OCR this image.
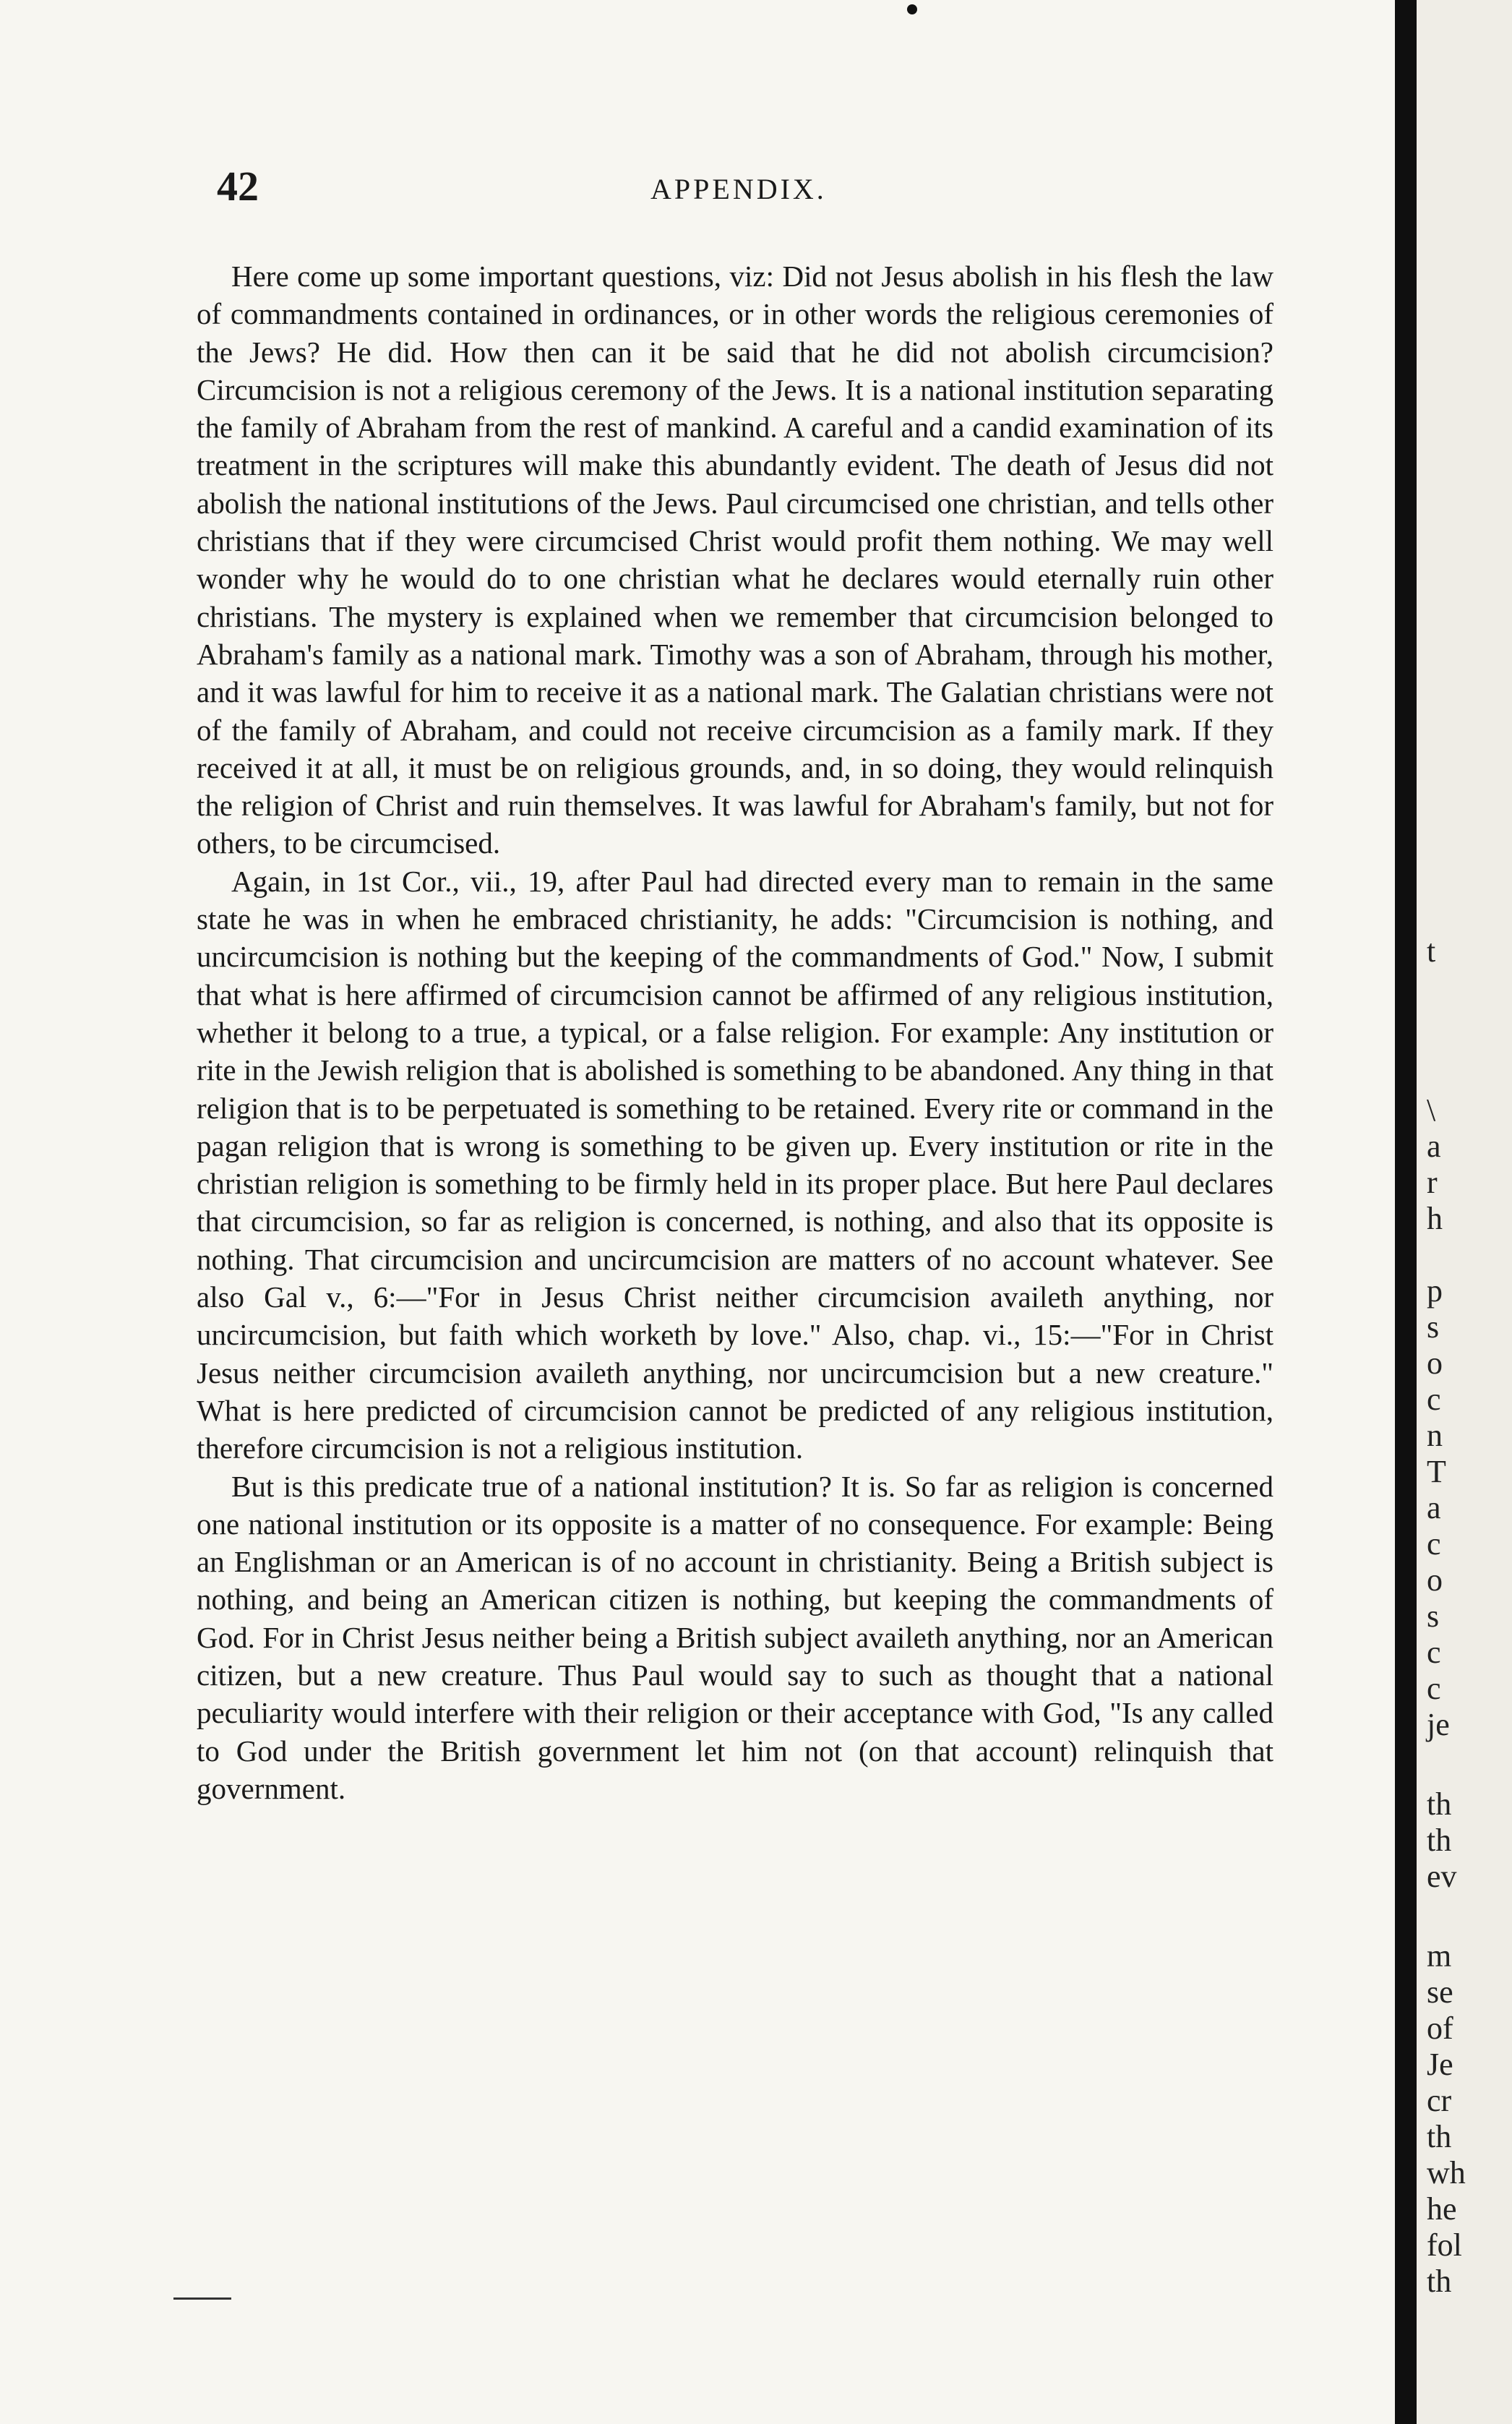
42	APPENDIX.

Here come up some important questions, viz: Did not Jesus abolish in his flesh the law of commandments contained in ordinances, or in other words the religious ceremonies of the Jews? He did. How then can it be said that he did not abolish circumcision? Circumcision is not a religious ceremony of the Jews. It is a national institution separating the family of Abraham from the rest of mankind. A careful and a candid examination of its treatment in the scriptures will make this abundantly evident. The death of Jesus did not abolish the national institutions of the Jews. Paul circumcised one christian, and tells other christians that if they were circumcised Christ would profit them nothing. We may well wonder why he would do to one christian what he declares would eternally ruin other christians. The mystery is explained when we remember that circumcision belonged to Abraham's family as a national mark. Timothy was a son of Abraham, through his mother, and it was lawful for him to receive it as a national mark. The Galatian christians were not of the family of Abraham, and could not receive circumcision as a family mark. If they received it at all, it must be on religious grounds, and, in so doing, they would relinquish the religion of Christ and ruin themselves. It was lawful for Abraham's family, but not for others, to be circumcised.

Again, in 1st Cor., vii., 19, after Paul had directed every man to remain in the same state he was in when he embraced christianity, he adds: "Circumcision is nothing, and uncircumcision is nothing but the keeping of the commandments of God." Now, I submit that what is here affirmed of circumcision cannot be affirmed of any religious institution, whether it belong to a true, a typical, or a false religion. For example: Any institution or rite in the Jewish religion that is abolished is something to be abandoned. Any thing in that religion that is to be perpetuated is something to be retained. Every rite or command in the pagan religion that is wrong is something to be given up. Every institution or rite in the christian religion is something to be firmly held in its proper place. But here Paul declares that circumcision, so far as religion is concerned, is nothing, and also that its opposite is nothing. That circumcision and uncircumcision are matters of no account whatever. See also Gal v., 6:—"For in Jesus Christ neither circumcision availeth anything, nor uncircumcision, but faith which worketh by love." Also, chap. vi., 15:—"For in Christ Jesus neither circumcision availeth anything, nor uncircumcision but a new creature." What is here predicted of circumcision cannot be predicted of any religious institution, therefore circumcision is not a religious institution.

But is this predicate true of a national institution? It is. So far as religion is concerned one national institution or its opposite is a matter of no consequence. For example: Being an Englishman or an American is of no account in christianity. Being a British subject is nothing, and being an American citizen is nothing, but keeping the commandments of God. For in Christ Jesus neither being a British subject availeth anything, nor an American citizen, but a new creature. Thus Paul would say to such as thought that a national peculiarity would interfere with their religion or their acceptance with God, "Is any called to God under the British government let him not (on that account) relinquish that government.

t
\
a
r
h
p
s
o
c
n
T
a
c
o
s
c
c
je
th
th
ev
m
se
of
Je
cr
th
wh
he
fol
th
